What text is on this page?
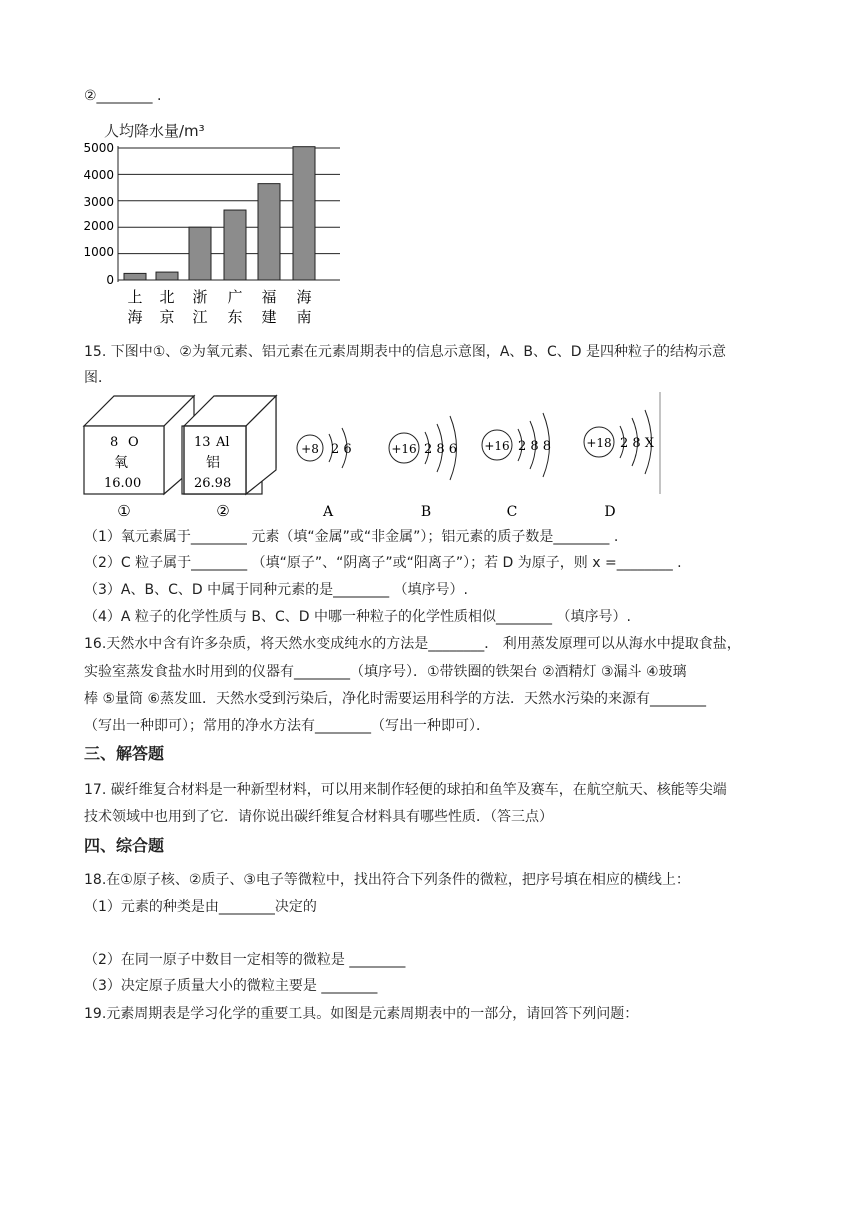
②________ .
人均降水量/m³
5000
4000
3000
2000
1000
0
上
海
北
京
浙
江
广
东
福
建
海
南
15. 下图中①、②为氧元素、铝元素在元素周期表中的信息示意图，A、B、C、D 是四种粒子的结构示意
图．
8 O
氧
16.00
①
13 Al
铝
26.98
②
+8 2 6
A
+16 2 8 6
B
+16 2 8 8
C
+18 2 8 X
D
（1）氧元素属于________ 元素（填“金属”或“非金属”）；铝元素的质子数是________ .
（2）C 粒子属于________ （填“原子”、“阴离子”或“阳离子”）；若 D 为原子，则 x =________ .
（3）A、B、C、D 中属于同种元素的是________ （填序号）.
（4）A 粒子的化学性质与 B、C、D 中哪一种粒子的化学性质相似________ （填序号）.
16.天然水中含有许多杂质，将天然水变成纯水的方法是________． 利用蒸发原理可以从海水中提取食盐，
实验室蒸发食盐水时用到的仪器有________（填序号）．①带铁圈的铁架台 ②酒精灯 ③漏斗 ④玻璃
棒 ⑤量筒 ⑥蒸发皿．天然水受到污染后，净化时需要运用科学的方法．天然水污染的来源有________
（写出一种即可）；常用的净水方法有________（写出一种即可）．
三、解答题
17. 碳纤维复合材料是一种新型材料，可以用来制作轻便的球拍和鱼竿及赛车，在航空航天、核能等尖端
技术领域中也用到了它．请你说出碳纤维复合材料具有哪些性质．（答三点）
四、综合题
18.在①原子核、②质子、③电子等微粒中，找出符合下列条件的微粒，把序号填在相应的横线上：
（1）元素的种类是由________决定的
（2）在同一原子中数目一定相等的微粒是 ________
（3）决定原子质量大小的微粒主要是 ________
19.元素周期表是学习化学的重要工具。如图是元素周期表中的一部分，请回答下列问题：
